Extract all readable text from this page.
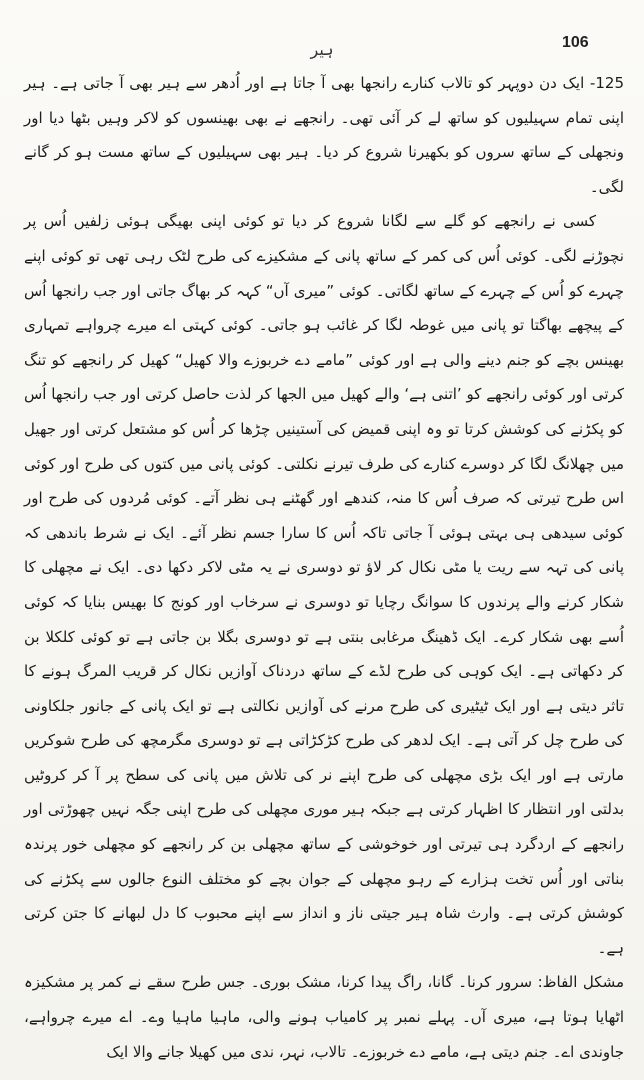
ہیر	106

125- ایک دن دوپہر کو تالاب کنارے رانجھا بھی آ جاتا ہے اور اُدھر سے ہیر بھی آ جاتی ہے۔ ہیر اپنی تمام سہیلیوں کو ساتھ لے کر آئی تھی۔ رانجھے نے بھی بھینسوں کو لاکر وہیں بٹھا دیا اور ونجھلی کے ساتھ سروں کو بکھیرنا شروع کر دیا۔ ہیر بھی سہیلیوں کے ساتھ مست ہو کر گانے لگی۔

کسی نے رانجھے کو گلے سے لگانا شروع کر دیا تو کوئی اپنی بھیگی ہوئی زلفیں اُس پر نچوڑنے لگی۔ کوئی اُس کی کمر کے ساتھ پانی کے مشکیزے کی طرح لٹک رہی تھی تو کوئی اپنے چہرے کو اُس کے چہرے کے ساتھ لگاتی۔ کوئی ”میری آں“ کہہ کر بھاگ جاتی اور جب رانجھا اُس کے پیچھے بھاگتا تو پانی میں غوطہ لگا کر غائب ہو جاتی۔ کوئی کہتی اے میرے چرواہے تمہاری بھینس بچے کو جنم دینے والی ہے اور کوئی ”مامے دے خربوزے والا کھیل“ کھیل کر رانجھے کو تنگ کرتی اور کوئی رانجھے کو ’اتنی ہے‘ والے کھیل میں الجھا کر لذت حاصل کرتی اور جب رانجھا اُس کو پکڑنے کی کوشش کرتا تو وہ اپنی قمیض کی آستینیں چڑھا کر اُس کو مشتعل کرتی اور جھیل میں چھلانگ لگا کر دوسرے کنارے کی طرف تیرنے نکلتی۔ کوئی پانی میں کتوں کی طرح اور کوئی اس طرح تیرتی کہ صرف اُس کا منہ، کندھے اور گھٹنے ہی نظر آتے۔ کوئی مُردوں کی طرح اور کوئی سیدھی ہی بہتی ہوئی آ جاتی تاکہ اُس کا سارا جسم نظر آئے۔ ایک نے شرط باندھی کہ پانی کی تہہ سے ریت یا مٹی نکال کر لاؤ تو دوسری نے یہ مٹی لاکر دکھا دی۔ ایک نے مچھلی کا شکار کرنے والے پرندوں کا سوانگ رچایا تو دوسری نے سرخاب اور کونج کا بھیس بنایا کہ کوئی اُسے بھی شکار کرے۔ ایک ڈھینگ مرغابی بنتی ہے تو دوسری بگلا بن جاتی ہے تو کوئی کلکلا بن کر دکھاتی ہے۔ ایک کوہی کی طرح لڈے کے ساتھ دردناک آوازیں نکال کر قریب المرگ ہونے کا تاثر دیتی ہے اور ایک ٹیٹیری کی طرح مرنے کی آوازیں نکالتی ہے تو ایک پانی کے جانور جلکاونی کی طرح چل کر آتی ہے۔ ایک لدھر کی طرح کڑکڑاتی ہے تو دوسری مگرمچھ کی طرح شوکریں مارتی ہے اور ایک بڑی مچھلی کی طرح اپنے نر کی تلاش میں پانی کی سطح پر آ کر کروٹیں بدلتی اور انتظار کا اظہار کرتی ہے جبکہ ہیر موری مچھلی کی طرح اپنی جگہ نہیں چھوڑتی اور رانجھے کے اردگرد ہی تیرتی اور خوخوشی کے ساتھ مچھلی بن کر رانجھے کو مچھلی خور پرندہ بناتی اور اُس تخت ہزارے کے رہو مچھلی کے جوان بچے کو مختلف النوع جالوں سے پکڑنے کی کوشش کرتی ہے۔ وارث شاہ ہیر جیتی ناز و انداز سے اپنے محبوب کا دل لبھانے کا جتن کرتی ہے۔

مشکل الفاظ: سرور کرنا۔ گانا، راگ پیدا کرنا، مشک بوری۔ جس طرح سقے نے کمر پر مشکیزہ اٹھایا ہوتا ہے، میری آں۔ پہلے نمبر پر کامیاب ہونے والی، ماہیا ماہیا وے۔ اے میرے چرواہے، جاوندی اے۔ جنم دیتی ہے، مامے دے خربوزے۔ تالاب، نہر، ندی میں کھیلا جانے والا ایک
